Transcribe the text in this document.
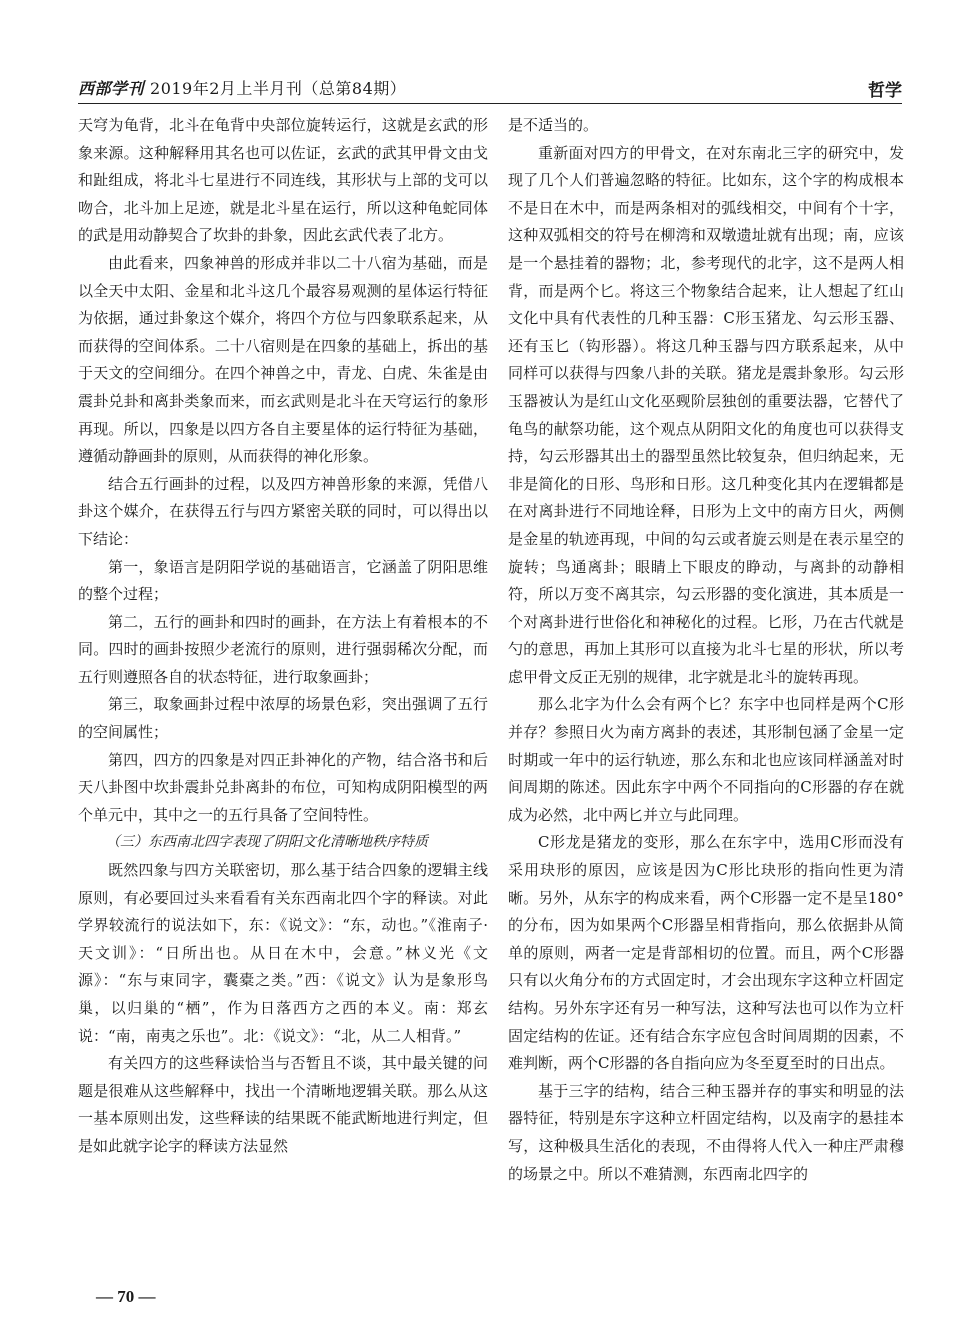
西部学刊 2019年2月上半月刊（总第84期）	哲学

天穹为龟背，北斗在龟背中央部位旋转运行，这就是玄武的形象来源。这种解释用其名也可以佐证，玄武的武其甲骨文由戈和趾组成，将北斗七星进行不同连线，其形状与上部的戈可以吻合，北斗加上足迹，就是北斗星在运行，所以这种龟蛇同体的武是用动静契合了坎卦的卦象，因此玄武代表了北方。

由此看来，四象神兽的形成并非以二十八宿为基础，而是以全天中太阳、金星和北斗这几个最容易观测的星体运行特征为依据，通过卦象这个媒介，将四个方位与四象联系起来，从而获得的空间体系。二十八宿则是在四象的基础上，拆出的基于天文的空间细分。在四个神兽之中，青龙、白虎、朱雀是由震卦兑卦和离卦类象而来，而玄武则是北斗在天穹运行的象形再现。所以，四象是以四方各自主要星体的运行特征为基础，遵循动静画卦的原则，从而获得的神化形象。

结合五行画卦的过程，以及四方神兽形象的来源，凭借八卦这个媒介，在获得五行与四方紧密关联的同时，可以得出以下结论：

第一，象语言是阴阳学说的基础语言，它涵盖了阴阳思维的整个过程；

第二，五行的画卦和四时的画卦，在方法上有着根本的不同。四时的画卦按照少老流行的原则，进行强弱稀次分配，而五行则遵照各自的状态特征，进行取象画卦；

第三，取象画卦过程中浓厚的场景色彩，突出强调了五行的空间属性；

第四，四方的四象是对四正卦神化的产物，结合洛书和后天八卦图中坎卦震卦兑卦离卦的布位，可知构成阴阳模型的两个单元中，其中之一的五行具备了空间特性。

（三）东西南北四字表现了阴阳文化清晰地秩序特质

既然四象与四方关联密切，那么基于结合四象的逻辑主线原则，有必要回过头来看看有关东西南北四个字的释读。对此学界较流行的说法如下，东：《说文》：“东，动也。”《淮南子·天文训》：“日所出也。从日在木中，会意。”林义光《文源》：“东与束同字，囊橐之类。”西：《说文》认为是象形鸟巢，以归巢的“栖”，作为日落西方之西的本义。南：郑玄说：“南，南夷之乐也”。北：《说文》：“北，从二人相背。”

有关四方的这些释读恰当与否暂且不谈，其中最关键的问题是很难从这些解释中，找出一个清晰地逻辑关联。那么从这一基本原则出发，这些释读的结果既不能武断地进行判定，但是如此就字论字的释读方法显然

是不适当的。

重新面对四方的甲骨文，在对东南北三字的研究中，发现了几个人们普遍忽略的特征。比如东，这个字的构成根本不是日在木中，而是两条相对的弧线相交，中间有个十字，这种双弧相交的符号在柳湾和双墩遗址就有出现；南，应该是一个悬挂着的器物；北，参考现代的北字，这不是两人相背，而是两个匕。将这三个物象结合起来，让人想起了红山文化中具有代表性的几种玉器：C形玉猪龙、勾云形玉器、还有玉匕（钩形器）。将这几种玉器与四方联系起来，从中同样可以获得与四象八卦的关联。猪龙是震卦象形。勾云形玉器被认为是红山文化巫觋阶层独创的重要法器，它替代了龟鸟的献祭功能，这个观点从阴阳文化的角度也可以获得支持，勾云形器其出土的器型虽然比较复杂，但归纳起来，无非是简化的日形、鸟形和日形。这几种变化其内在逻辑都是在对离卦进行不同地诠释，日形为上文中的南方日火，两侧是金星的轨迹再现，中间的勾云或者旋云则是在表示星空的旋转；鸟通离卦；眼睛上下眼皮的睁动，与离卦的动静相符，所以万变不离其宗，勾云形器的变化演进，其本质是一个对离卦进行世俗化和神秘化的过程。匕形，乃在古代就是勺的意思，再加上其形可以直接为北斗七星的形状，所以考虑甲骨文反正无别的规律，北字就是北斗的旋转再现。

那么北字为什么会有两个匕？东字中也同样是两个C形并存？参照日火为南方离卦的表述，其形制包涵了金星一定时期或一年中的运行轨迹，那么东和北也应该同样涵盖对时间周期的陈述。因此东字中两个不同指向的C形器的存在就成为必然，北中两匕并立与此同理。

C形龙是猪龙的变形，那么在东字中，选用C形而没有采用玦形的原因，应该是因为C形比玦形的指向性更为清晰。另外，从东字的构成来看，两个C形器一定不是呈180°的分布，因为如果两个C形器呈相背指向，那么依据卦从简单的原则，两者一定是背部相切的位置。而且，两个C形器只有以火角分布的方式固定时，才会出现东字这种立杆固定结构。另外东字还有另一种写法，这种写法也可以作为立杆固定结构的佐证。还有结合东字应包含时间周期的因素，不难判断，两个C形器的各自指向应为冬至夏至时的日出点。

基于三字的结构，结合三种玉器并存的事实和明显的法器特征，特别是东字这种立杆固定结构，以及南字的悬挂本写，这种极具生活化的表现，不由得将人代入一种庄严肃穆的场景之中。所以不难猜测，东西南北四字的

— 70 —
